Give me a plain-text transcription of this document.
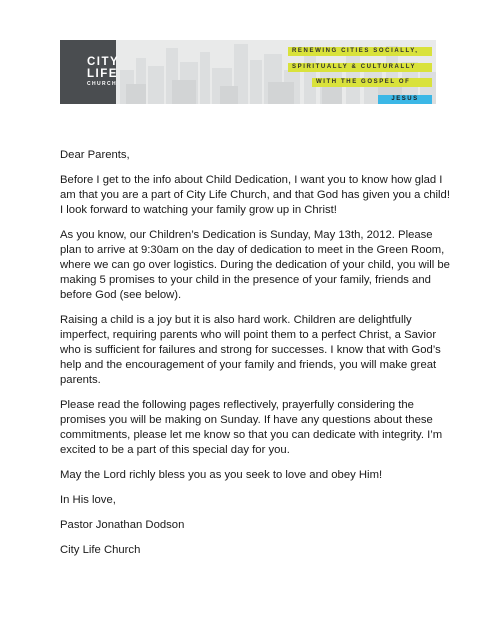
CITY
LIFE
CHURCH
RENEWING CITIES SOCIALLY,
SPIRITUALLY & CULTURALLY
WITH THE GOSPEL OF
JESUS

Dear Parents,

Before I get to the info about Child Dedication, I want you to know how glad I am that you are a part of City Life Church, and that God has given you a child! I look forward to watching your family grow up in Christ!

As you know, our Children’s Dedication is Sunday, May 13th, 2012. Please plan to arrive at 9:30am on the day of dedication to meet in the Green Room, where we can go over logistics. During the dedication of your child, you will be making 5 promises to your child in the presence of your family, friends and before God (see below).

Raising a child is a joy but it is also hard work. Children are delightfully imperfect, requiring parents who will point them to a perfect Christ, a Savior who is sufficient for failures and strong for successes. I know that with God’s help and the encouragement of your family and friends, you will make great parents.

Please read the following pages reflectively, prayerfully considering the promises you will be making on Sunday. If have any questions about these commitments, please let me know so that you can dedicate with integrity. I’m excited to be a part of this special day for you.

May the Lord richly bless you as you seek to love and obey Him!

In His love,

Pastor Jonathan Dodson

City Life Church
